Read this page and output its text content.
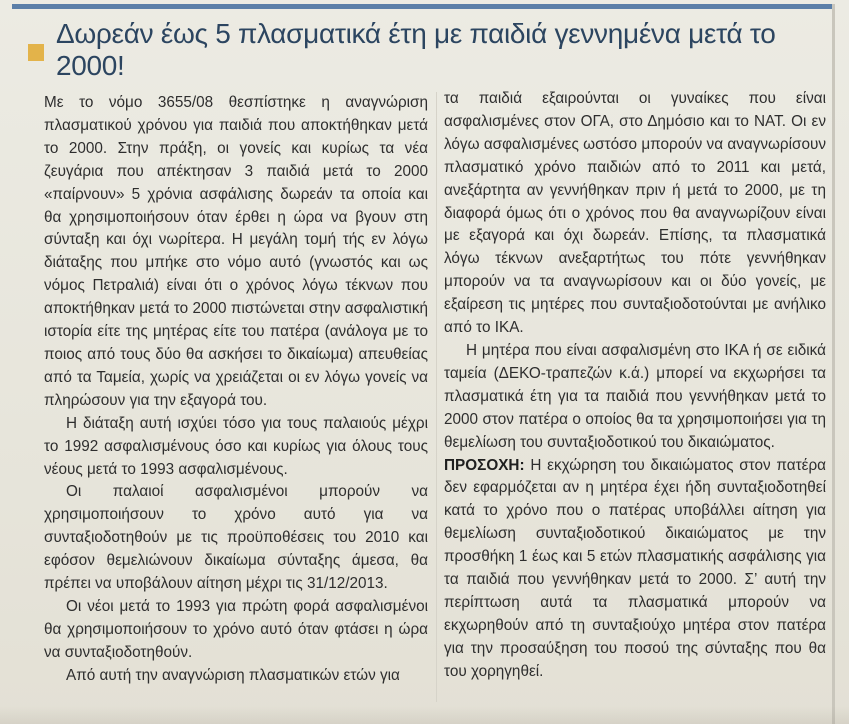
Δωρεάν έως 5 πλασματικά έτη με παιδιά γεννημένα μετά το 2000!

Με το νόμο 3655/08 θεσπίστηκε η αναγνώριση πλασματικού χρόνου για παιδιά που αποκτήθηκαν μετά το 2000. Στην πράξη, οι γονείς και κυρίως τα νέα ζευγάρια που απέκτησαν 3 παιδιά μετά το 2000 «παίρνουν» 5 χρόνια ασφάλισης δωρεάν τα οποία και θα χρησιμοποιήσουν όταν έρθει η ώρα να βγουν στη σύνταξη και όχι νωρίτερα. Η μεγάλη τομή τής εν λόγω διάταξης που μπήκε στο νόμο αυτό (γνωστός και ως νόμος Πετραλιά) είναι ότι ο χρόνος λόγω τέκνων που αποκτήθηκαν μετά το 2000 πιστώνεται στην ασφαλιστική ιστορία είτε της μητέρας είτε του πατέρα (ανάλογα με το ποιος από τους δύο θα ασκήσει το δικαίωμα) απευθείας από τα Ταμεία, χωρίς να χρειάζεται οι εν λόγω γονείς να πληρώσουν για την εξαγορά του.

Η διάταξη αυτή ισχύει τόσο για τους παλαιούς μέχρι το 1992 ασφαλισμένους όσο και κυρίως για όλους τους νέους μετά το 1993 ασφαλισμένους.

Οι παλαιοί ασφαλισμένοι μπορούν να χρησιμοποιήσουν το χρόνο αυτό για να συνταξιοδοτηθούν με τις προϋποθέσεις του 2010 και εφόσον θεμελιώνουν δικαίωμα σύνταξης άμεσα, θα πρέπει να υποβάλουν αίτηση μέχρι τις 31/12/2013.

Οι νέοι μετά το 1993 για πρώτη φορά ασφαλισμένοι θα χρησιμοποιήσουν το χρόνο αυτό όταν φτάσει η ώρα να συνταξιοδοτηθούν.

Από αυτή την αναγνώριση πλασματικών ετών για

τα παιδιά εξαιρούνται οι γυναίκες που είναι ασφαλισμένες στον ΟΓΑ, στο Δημόσιο και το ΝΑΤ. Οι εν λόγω ασφαλισμένες ωστόσο μπορούν να αναγνωρίσουν πλασματικό χρόνο παιδιών από το 2011 και μετά, ανεξάρτητα αν γεννήθηκαν πριν ή μετά το 2000, με τη διαφορά όμως ότι ο χρόνος που θα αναγνωρίζουν είναι με εξαγορά και όχι δωρεάν. Επίσης, τα πλασματικά λόγω τέκνων ανεξαρτήτως του πότε γεννήθηκαν μπορούν να τα αναγνωρίσουν και οι δύο γονείς, με εξαίρεση τις μητέρες που συνταξιοδοτούνται με ανήλικο από το ΙΚΑ.

Η μητέρα που είναι ασφαλισμένη στο ΙΚΑ ή σε ειδικά ταμεία (ΔΕΚΟ-τραπεζών κ.ά.) μπορεί να εκχωρήσει τα πλασματικά έτη για τα παιδιά που γεννήθηκαν μετά το 2000 στον πατέρα ο οποίος θα τα χρησιμοποιήσει για τη θεμελίωση του συνταξιοδοτικού του δικαιώματος.

ΠΡΟΣΟΧΗ: Η εκχώρηση του δικαιώματος στον πατέρα δεν εφαρμόζεται αν η μητέρα έχει ήδη συνταξιοδοτηθεί κατά το χρόνο που ο πατέρας υποβάλλει αίτηση για θεμελίωση συνταξιοδοτικού δικαιώματος με την προσθήκη 1 έως και 5 ετών πλασματικής ασφάλισης για τα παιδιά που γεννήθηκαν μετά το 2000. Σ’ αυτή την περίπτωση αυτά τα πλασματικά μπορούν να εκχωρηθούν από τη συνταξιούχο μητέρα στον πατέρα για την προσαύξηση του ποσού της σύνταξης που θα του χορηγηθεί.
